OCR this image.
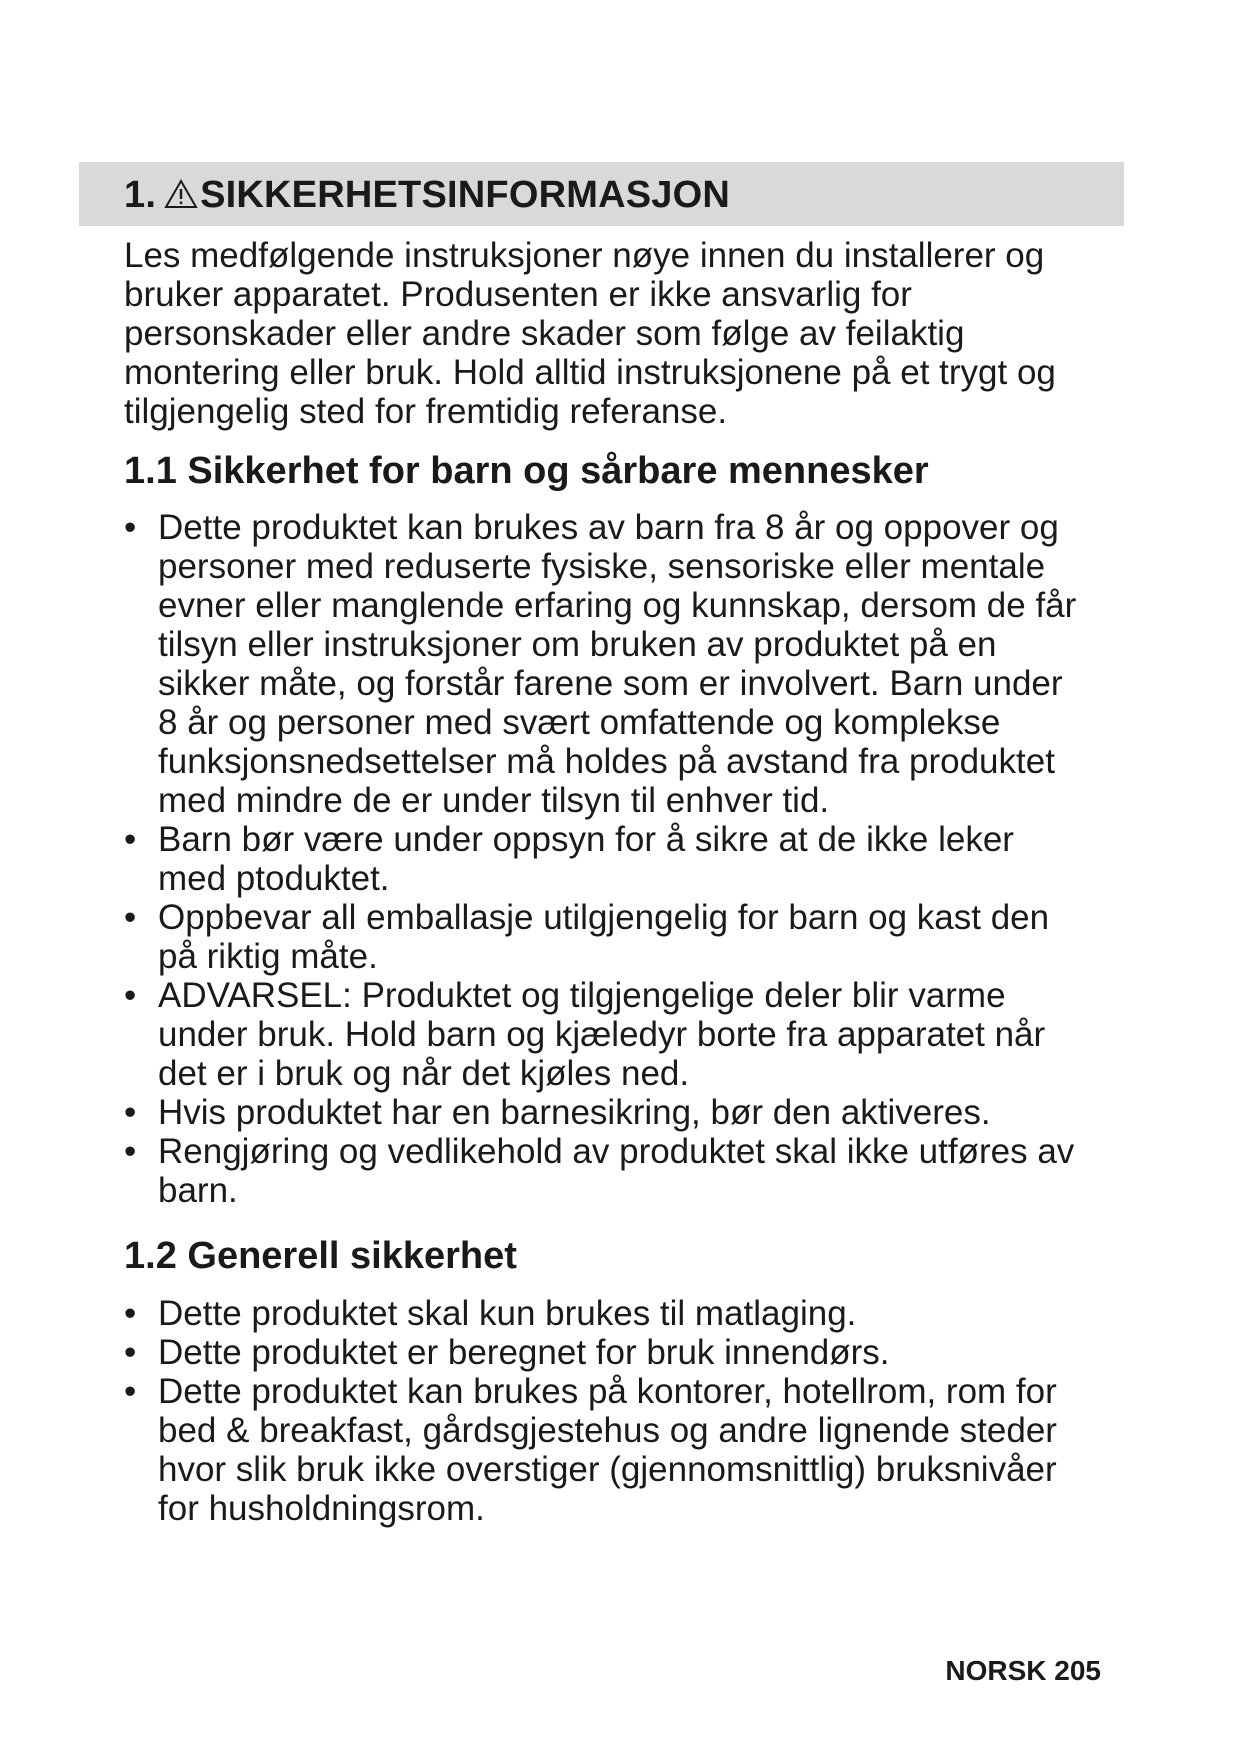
1. SIKKERHETSINFORMASJON

Les medfølgende instruksjoner nøye innen du installerer og

bruker apparatet. Produsenten er ikke ansvarlig for

personskader eller andre skader som følge av feilaktig

montering eller bruk. Hold alltid instruksjonene på et trygt og

tilgjengelig sted for fremtidig referanse.

1.1 Sikkerhet for barn og sårbare mennesker
• Dette produktet kan brukes av barn fra 8 år og oppover og
personer med reduserte fysiske, sensoriske eller mentale
evner eller manglende erfaring og kunnskap, dersom de får
tilsyn eller instruksjoner om bruken av produktet på en
sikker måte, og forstår farene som er involvert. Barn under
8 år og personer med svært omfattende og komplekse
funksjonsnedsettelser må holdes på avstand fra produktet
med mindre de er under tilsyn til enhver tid.
• Barn bør være under oppsyn for å sikre at de ikke leker
med ptoduktet.
• Oppbevar all emballasje utilgjengelig for barn og kast den
på riktig måte.
• ADVARSEL: Produktet og tilgjengelige deler blir varme
under bruk. Hold barn og kjæledyr borte fra apparatet når
det er i bruk og når det kjøles ned.
• Hvis produktet har en barnesikring, bør den aktiveres.
• Rengjøring og vedlikehold av produktet skal ikke utføres av
barn.
1.2 Generell sikkerhet
• Dette produktet skal kun brukes til matlaging.
• Dette produktet er beregnet for bruk innendørs.
• Dette produktet kan brukes på kontorer, hotellrom, rom for
bed & breakfast, gårdsgjestehus og andre lignende steder
hvor slik bruk ikke overstiger (gjennomsnittlig) bruksnivåer
for husholdningsrom.
NORSK 205
